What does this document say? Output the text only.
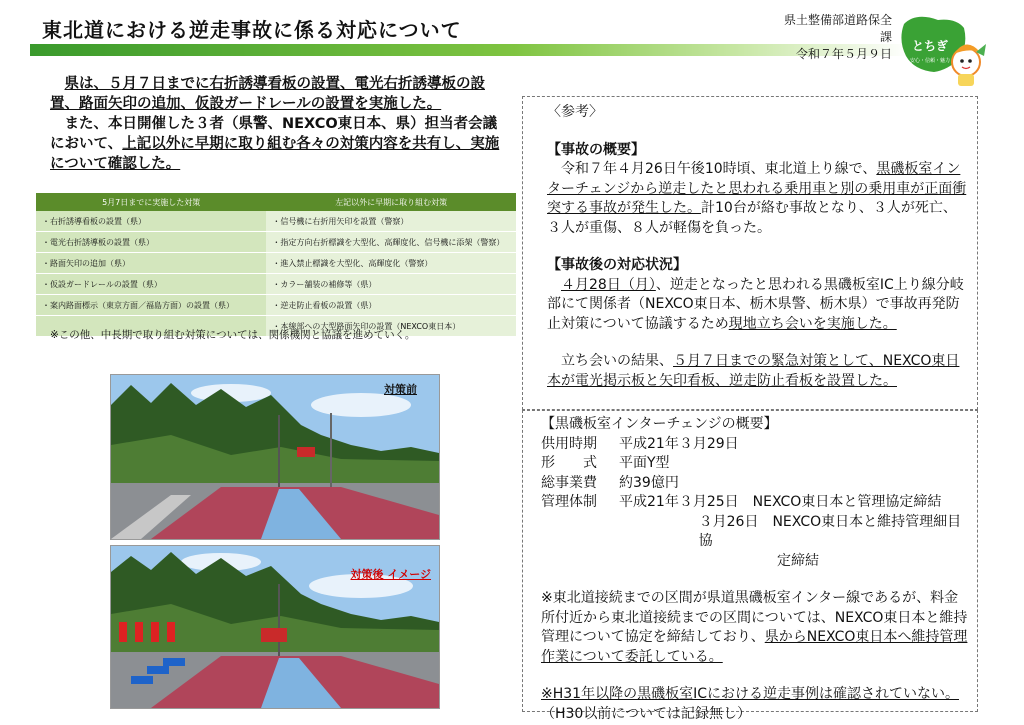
東北道における逆走事故に係る対応について	県土整備部道路保全課
令和７年５月９日
とちぎ
安心・信頼・魅力

　県は、５月７日までに右折誘導看板の設置、電光右折誘導板の設置、路面矢印の追加、仮設ガードレールの設置を実施した。

　また、本日開催した３者（県警、NEXCO東日本、県）担当者会議において、上記以外に早期に取り組む各々の対策内容を共有し、実施について確認した。

5月7日までに実施した対策	左記以外に早期に取り組む対策
・右折誘導看板の設置（県）	・信号機に右折用矢印を設置（警察）
・電光右折誘導板の設置（県）	・指定方向右折標識を大型化、高輝度化、信号機に添架（警察）
・路面矢印の追加（県）	・進入禁止標識を大型化、高輝度化（警察）
・仮設ガードレールの設置（県）	・カラー舗装の補修等（県）
・案内路面標示（東京方面／福島方面）の設置（県）	・逆走防止看板の設置（県）
	・本線部への大型路面矢印の設置（NEXCO東日本）
※この他、中長期で取り組む対策については、関係機関と協議を進めていく。
対策前
対策後 イメージ

〈参考〉

【事故の概要】

　令和７年４月26日午後10時頃、東北道上り線で、黒磯板室インターチェンジから逆走したと思われる乗用車と別の乗用車が正面衝突する事故が発生した。計10台が絡む事故となり、３人が死亡、３人が重傷、８人が軽傷を負った。

【事故後の対応状況】

　４月28日（月）、逆走となったと思われる黒磯板室IC上り線分岐部にて関係者（NEXCO東日本、栃木県警、栃木県）で事故再発防止対策について協議するため現地立ち会いを実施した。

　立ち会いの結果、５月７日までの緊急対策として、NEXCO東日本が電光掲示板と矢印看板、逆走防止看板を設置した。

【黒磯板室インターチェンジの概要】

供用時期	平成21年３月29日
形　　式	平面Y型
総事業費	約39億円
管理体制	平成21年３月25日　NEXCO東日本と管理協定締結
３月26日　NEXCO東日本と維持管理細目協
定締結

※東北道接続までの区間が県道黒磯板室インター線であるが、料金所付近から東北道接続までの区間については、NEXCO東日本と維持管理について協定を締結しており、県からNEXCO東日本へ維持管理作業について委託している。

※H31年以降の黒磯板室ICにおける逆走事例は確認されていない。（H30以前については記録無し）
